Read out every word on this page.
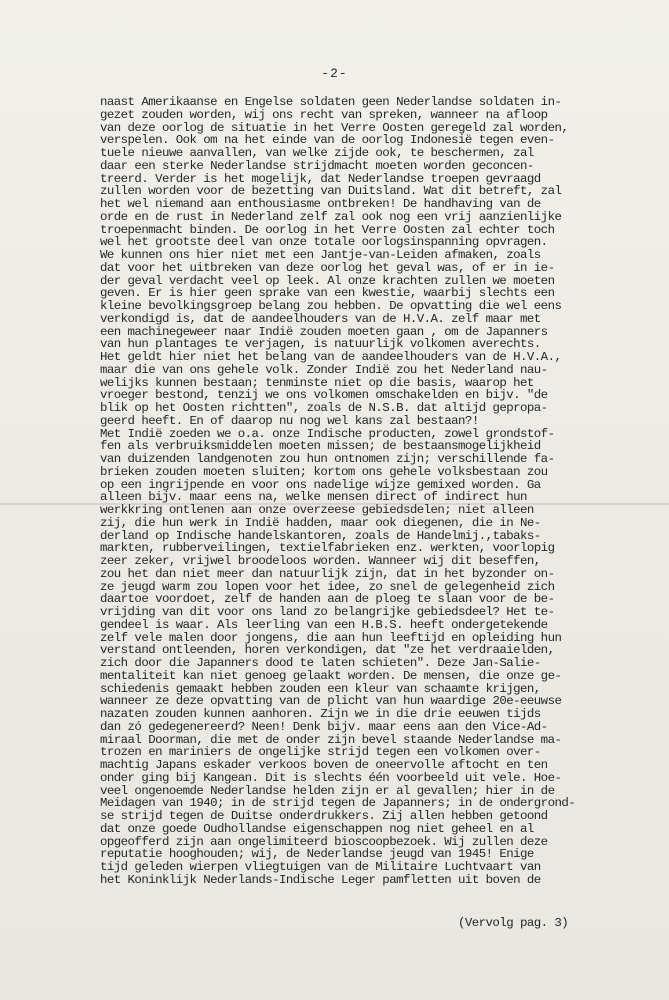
-2-
naast Amerikaanse en Engelse soldaten geen Nederlandse soldaten in-
gezet zouden worden, wij ons recht van spreken, wanneer na afloop
van deze oorlog de situatie in het Verre Oosten geregeld zal worden,
verspelen. Ook om na het einde van de oorlog Indonesië tegen even-
tuele nieuwe aanvallen, van welke zijde ook, te beschermen, zal
daar een sterke Nederlandse strijdmacht moeten worden geconcen-
treerd. Verder is het mogelijk, dat Nederlandse troepen gevraagd
zullen worden voor de bezetting van Duitsland. Wat dit betreft, zal
het wel niemand aan enthousiasme ontbreken! De handhaving van de
orde en de rust in Nederland zelf zal ook nog een vrij aanzienlijke
troepenmacht binden. De oorlog in het Verre Oosten zal echter toch
wel het grootste deel van onze totale oorlogsinspanning opvragen.
We kunnen ons hier niet met een Jantje-van-Leiden afmaken, zoals
dat voor het uitbreken van deze oorlog het geval was, of er in ie-
der geval verdacht veel op leek. Al onze krachten zullen we moeten
geven. Er is hier geen sprake van een kwestie, waarbij slechts een
kleine bevolkingsgroep belang zou hebben. De opvatting die wel eens
verkondigd is, dat de aandeelhouders van de H.V.A. zelf maar met
een machinegeweer naar Indië zouden moeten gaan , om de Japanners
van hun plantages te verjagen, is natuurlijk volkomen averechts.
Het geldt hier niet het belang van de aandeelhouders van de H.V.A.,
maar die van ons gehele volk. Zonder Indië zou het Nederland nau-
welijks kunnen bestaan; tenminste niet op die basis, waarop het
vroeger bestond, tenzij we ons volkomen omschakelden en bijv. "de
blik op het Oosten richtten", zoals de N.S.B. dat altijd gepropa-
geerd heeft. En of daarop nu nog wel kans zal bestaan?!
Met Indië zoeden we o.a. onze Indische producten, zowel grondstof-
fen als verbruiksmiddelen moeten missen; de bestaansmogelijkheid
van duizenden landgenoten zou hun ontnomen zijn; verschillende fa-
brieken zouden moeten sluiten; kortom ons gehele volksbestaan zou
op een ingrijpende en voor ons nadelige wijze gemixed worden. Ga
alleen bijv. maar eens na, welke mensen direct of indirect hun
werkkring ontlenen aan onze overzeese gebiedsdelen; niet alleen
zij, die hun werk in Indië hadden, maar ook diegenen, die in Ne-
derland op Indische handelskantoren, zoals de Handelmij.,tabaks-
markten, rubberveilingen, textielfabrieken enz. werkten, voorlopig
zeer zeker, vrijwel broodeloos worden. Wanneer wij dit beseffen,
zou het dan niet meer dan natuurlijk zijn, dat in het byzonder on-
ze jeugd warm zou lopen voor het idee, zo snel de gelegenheid zich
daartoe voordoet, zelf de handen aan de ploeg te slaan voor de be-
vrijding van dit voor ons land zo belangrijke gebiedsdeel? Het te-
gendeel is waar. Als leerling van een H.B.S. heeft ondergetekende
zelf vele malen door jongens, die aan hun leeftijd en opleiding hun
verstand ontleenden, horen verkondigen, dat "ze het verdraaielden,
zich door die Japanners dood te laten schieten". Deze Jan-Salie-
mentaliteit kan niet genoeg gelaakt worden. De mensen, die onze ge-
schiedenis gemaakt hebben zouden een kleur van schaamte krijgen,
wanneer ze deze opvatting van de plicht van hun waardige 20e-eeuwse
nazaten zouden kunnen aanhoren. Zijn we in die drie eeuwen tijds
dan zó gedegenereerd? Neen! Denk bijv. maar eens aan den Vice-Ad-
miraal Doorman, die met de onder zijn bevel staande Nederlandse ma-
trozen en mariniers de ongelijke strijd tegen een volkomen over-
machtig Japans eskader verkoos boven de oneervolle aftocht en ten
onder ging bij Kangean. Dit is slechts één voorbeeld uit vele. Hoe-
veel ongenoemde Nederlandse helden zijn er al gevallen; hier in de
Meidagen van 1940; in de strijd tegen de Japanners; in de ondergrond-
se strijd tegen de Duitse onderdrukkers. Zij allen hebben getoond
dat onze goede Oudhollandse eigenschappen nog niet geheel en al
opgeofferd zijn aan ongelimiteerd bioscoopbezoek. Wij zullen deze
reputatie hooghouden; wij, de Nederlandse jeugd van 1945! Enige
tijd geleden wierpen vliegtuigen van de Militaire Luchtvaart van
het Koninklijk Nederlands-Indische Leger pamfletten uit boven de
(Vervolg pag. 3)
